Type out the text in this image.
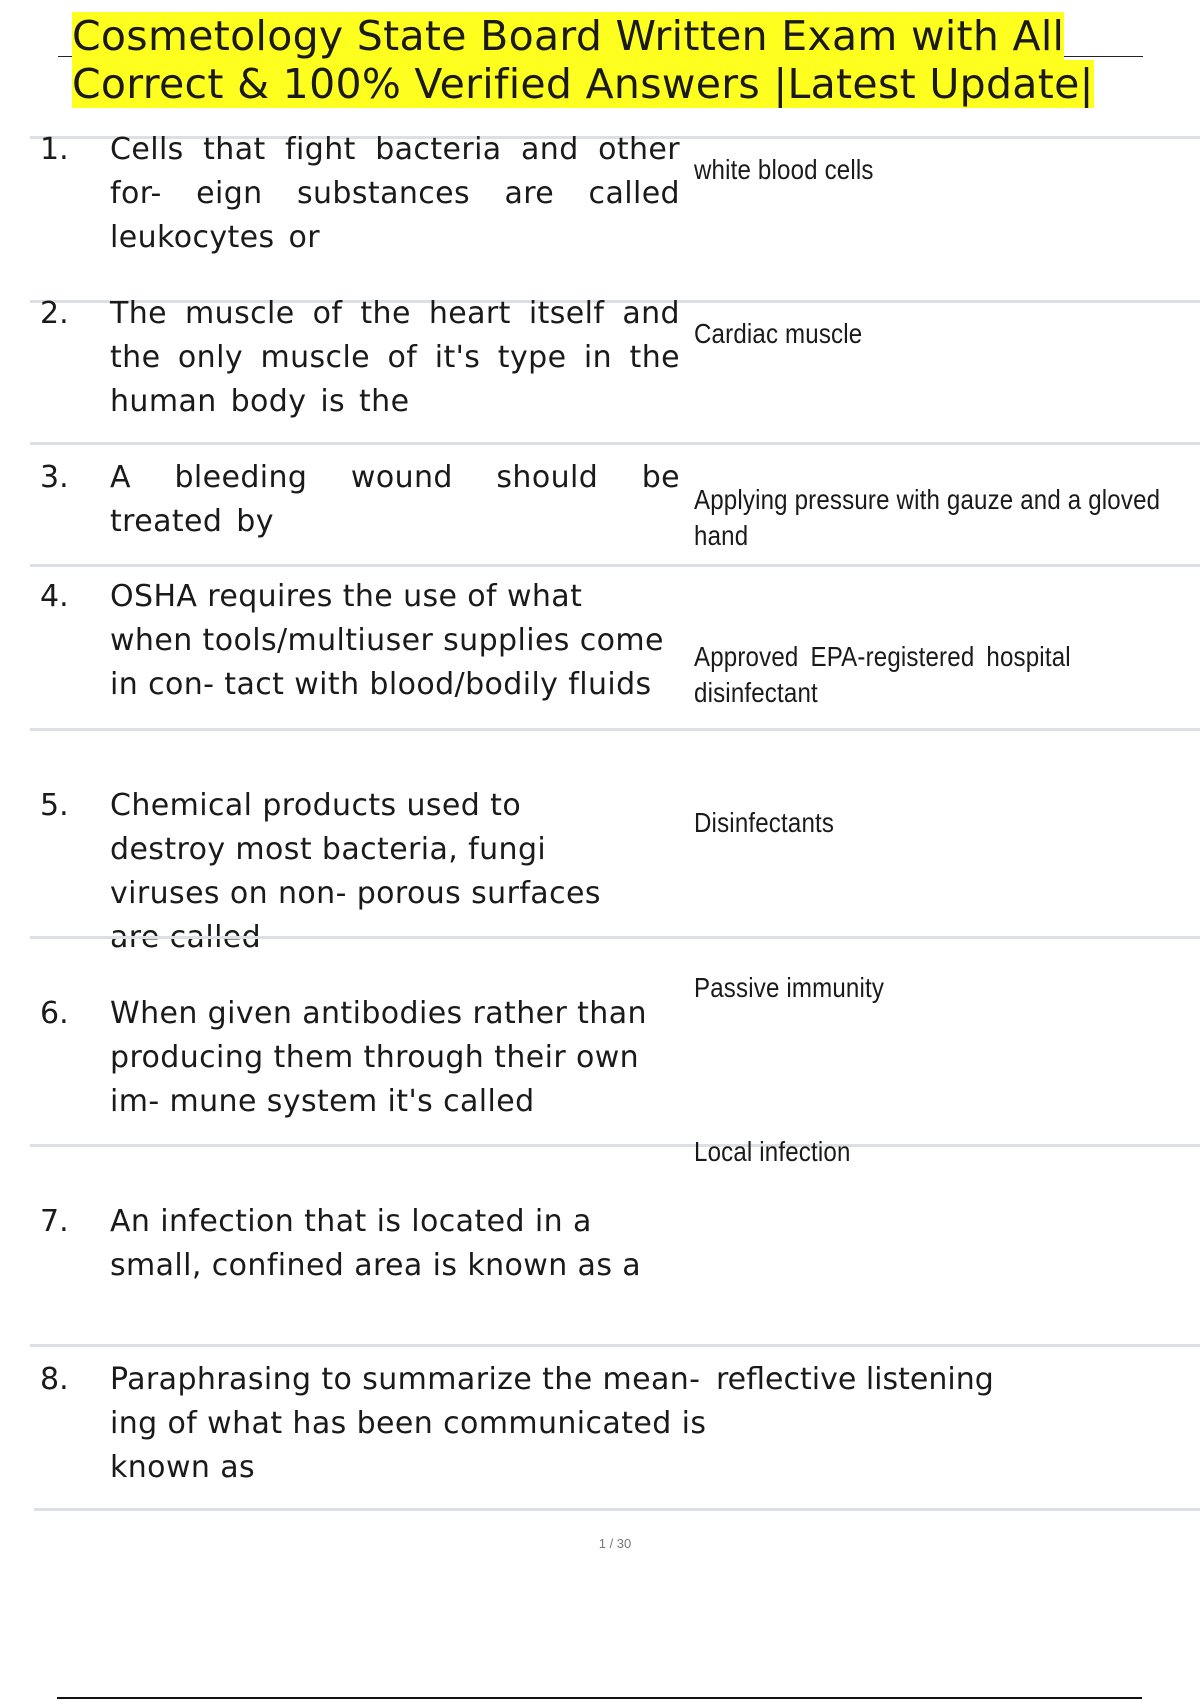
Cosmetology State Board Written Exam with All
Correct & 100% Verified Answers |Latest Update|
1. Cells that fight bacteria and other for- eign substances are called leukocytes or
white blood cells
2. The muscle of the heart itself and the only muscle of it's type in the human body is the
Cardiac muscle
3. A bleeding wound should be treated by
Applying pressure with gauze and a gloved hand
4. OSHA requires the use of what when tools/multiuser supplies come in con- tact with blood/bodily fluids
Approved EPA-registered hospital disinfectant
5. Chemical products used to destroy most bacteria, fungi viruses on non- porous surfaces are called
Disinfectants
6. When given antibodies rather than producing them through their own im- mune system it's called
Passive immunity
7. An infection that is located in a small, confined area is known as a
Local infection
8. Paraphrasing to summarize the mean- ing of what has been communicated is known as
reflective listening
1 / 30
